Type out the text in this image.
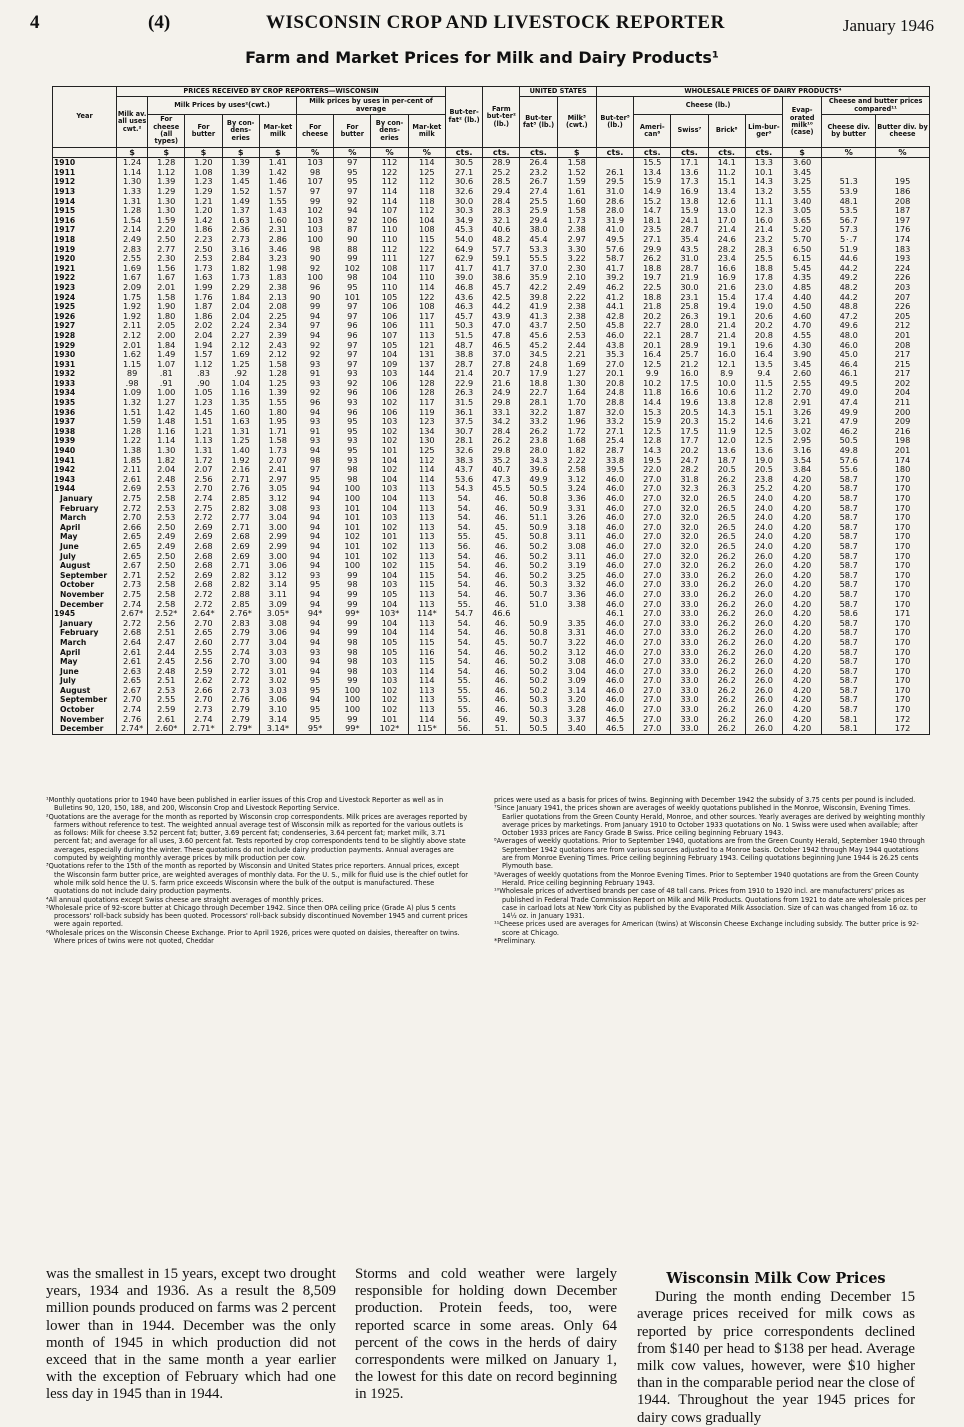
4	(4)	WISCONSIN CROP AND LIVESTOCK REPORTER	January 1946
Farm and Market Prices for Milk and Dairy Products¹
Year	PRICES RECEIVED BY CROP REPORTERS—WISCONSIN									But-ter-fat² (lb.)	Farm but-ter² (lb.)	UNITED STATES		WHOLESALE PRICES OF DAIRY PRODUCTS⁴							
	Milk av. all uses cwt.²	Milk Prices by uses²(cwt.)				Milk prices by uses in per-cent of average						But-ter fat³ (lb.)	Milk³ (cwt.)	But-ter⁵ (lb.)	Cheese (lb.)				Evap-orated milk¹⁰ (case)	Cheese and butter prices compared¹¹	
		For cheese (all types)	For butter	By con-dens-eries	Mar-ket milk	For cheese	For butter	By con-dens-eries	Mar-ket milk						Ameri-can⁶	Swiss⁷	Brick⁸	Lim-bur-ger⁹		Cheese div. by butter	Butter div. by cheese
	$	$	$	$	$	%	%	%	%	cts.	cts.	cts.	$	cts.	cts.	cts.	cts.	cts.	$	%	%
1910	1.24	1.28	1.20	1.39	1.41	103	97	112	114	30.5	28.9	26.4	1.58		15.5	17.1	14.1	13.3	3.60		
1911	1.14	1.12	1.08	1.39	1.42	98	95	122	125	27.1	25.2	23.2	1.52	26.1	13.4	13.6	11.2	10.1	3.45		
1912	1.30	1.39	1.23	1.45	1.46	107	95	112	112	30.6	28.5	26.7	1.59	29.5	15.9	17.3	15.1	14.3	3.25	51.3	195
1913	1.33	1.29	1.29	1.52	1.57	97	97	114	118	32.6	29.4	27.4	1.61	31.0	14.9	16.9	13.4	13.2	3.55	53.9	186
1914	1.31	1.30	1.21	1.49	1.55	99	92	114	118	30.0	28.4	25.5	1.60	28.6	15.2	13.8	12.6	11.1	3.40	48.1	208
1915	1.28	1.30	1.20	1.37	1.43	102	94	107	112	30.3	28.3	25.9	1.58	28.0	14.7	15.9	13.0	12.3	3.05	53.5	187
1916	1.54	1.59	1.42	1.63	1.60	103	92	106	104	34.9	32.1	29.4	1.73	31.9	18.1	24.1	17.0	16.0	3.65	56.7	197
1917	2.14	2.20	1.86	2.36	2.31	103	87	110	108	45.3	40.6	38.0	2.38	41.0	23.5	28.7	21.4	21.4	5.20	57.3	176
1918	2.49	2.50	2.23	2.73	2.86	100	90	110	115	54.0	48.2	45.4	2.97	49.5	27.1	35.4	24.6	23.2	5.70	5٠.7	174
1919	2.83	2.77	2.50	3.16	3.46	98	88	112	122	64.9	57.7	53.3	3.30	57.6	29.9	43.5	28.2	28.3	6.50	51.9	183
1920	2.55	2.30	2.53	2.84	3.23	90	99	111	127	62.9	59.1	55.5	3.22	58.7	26.2	31.0	23.4	25.5	6.15	44.6	193
1921	1.69	1.56	1.73	1.82	1.98	92	102	108	117	41.7	41.7	37.0	2.30	41.7	18.8	28.7	16.6	18.8	5.45	44.2	224
1922	1.67	1.67	1.63	1.73	1.83	100	98	104	110	39.0	38.6	35.9	2.10	39.2	19.7	21.9	16.9	17.8	4.35	49.2	226
1923	2.09	2.01	1.99	2.29	2.38	96	95	110	114	46.8	45.7	42.2	2.49	46.2	22.5	30.0	21.6	23.0	4.85	48.2	203
1924	1.75	1.58	1.76	1.84	2.13	90	101	105	122	43.6	42.5	39.8	2.22	41.2	18.8	23.1	15.4	17.4	4.40	44.2	207
1925	1.92	1.90	1.87	2.04	2.08	99	97	106	108	46.3	44.2	41.9	2.38	44.1	21.8	25.8	19.4	19.0	4.50	48.8	226
1926	1.92	1.80	1.86	2.04	2.25	94	97	106	117	45.7	43.9	41.3	2.38	42.8	20.2	26.3	19.1	20.6	4.60	47.2	205
1927	2.11	2.05	2.02	2.24	2.34	97	96	106	111	50.3	47.0	43.7	2.50	45.8	22.7	28.0	21.4	20.2	4.70	49.6	212
1928	2.12	2.00	2.04	2.27	2.39	94	96	107	113	51.5	47.8	45.6	2.53	46.0	22.1	28.7	21.4	20.8	4.55	48.0	201
1929	2.01	1.84	1.94	2.12	2.43	92	97	105	121	48.7	46.5	45.2	2.44	43.8	20.1	28.9	19.1	19.6	4.30	46.0	208
1930	1.62	1.49	1.57	1.69	2.12	92	97	104	131	38.8	37.0	34.5	2.21	35.3	16.4	25.7	16.0	16.4	3.90	45.0	217
1931	1.15	1.07	1.12	1.25	1.58	93	97	109	137	28.7	27.8	24.8	1.69	27.0	12.5	21.2	12.1	13.5	3.45	46.4	215
1932	89	.81	.83	.92	1.28	91	93	103	144	21.4	20.7	17.9	1.27	20.1	9.9	16.0	8.9	9.4	2.60	46.1	217
1933	.98	.91	.90	1.04	1.25	93	92	106	128	22.9	21.6	18.8	1.30	20.8	10.2	17.5	10.0	11.5	2.55	49.5	202
1934	1.09	1.00	1.05	1.16	1.39	92	96	106	128	26.3	24.9	22.7	1.64	24.8	11.8	16.6	10.6	11.2	2.70	49.0	204
1935	1.32	1.27	1.23	1.35	1.55	96	93	102	117	31.5	29.8	28.1	1.70	28.8	14.4	19.6	13.8	12.8	2.91	47.4	211
1936	1.51	1.42	1.45	1.60	1.80	94	96	106	119	36.1	33.1	32.2	1.87	32.0	15.3	20.5	14.3	15.1	3.26	49.9	200
1937	1.59	1.48	1.51	1.63	1.95	93	95	103	123	37.5	34.2	33.2	1.96	33.2	15.9	20.3	15.2	14.6	3.21	47.9	209
1938	1.28	1.16	1.21	1.31	1.71	91	95	102	134	30.7	28.4	26.2	1.72	27.1	12.5	17.5	11.9	12.5	3.02	46.2	216
1939	1.22	1.14	1.13	1.25	1.58	93	93	102	130	28.1	26.2	23.8	1.68	25.4	12.8	17.7	12.0	12.5	2.95	50.5	198
1940	1.38	1.30	1.31	1.40	1.73	94	95	101	125	32.6	29.8	28.0	1.82	28.7	14.3	20.2	13.6	13.6	3.16	49.8	201
1941	1.85	1.82	1.72	1.92	2.07	98	93	104	112	38.3	35.2	34.3	2.22	33.8	19.5	24.7	18.7	19.0	3.54	57.6	174
1942	2.11	2.04	2.07	2.16	2.41	97	98	102	114	43.7	40.7	39.6	2.58	39.5	22.0	28.2	20.5	20.5	3.84	55.6	180
1943	2.61	2.48	2.56	2.71	2.97	95	98	104	114	53.6	47.3	49.9	3.12	46.0	27.0	31.8	26.2	23.8	4.20	58.7	170
1944	2.69	2.53	2.70	2.76	3.05	94	100	103	113	54.3	45.5	50.5	3.24	46.0	27.0	32.3	26.3	25.2	4.20	58.7	170
January	2.75	2.58	2.74	2.85	3.12	94	100	104	113	54.	46.	50.8	3.36	46.0	27.0	32.0	26.5	24.0	4.20	58.7	170
February	2.72	2.53	2.75	2.82	3.08	93	101	104	113	54.	46.	50.9	3.31	46.0	27.0	32.0	26.5	24.0	4.20	58.7	170
March	2.70	2.53	2.72	2.77	3.04	94	101	103	113	54.	46.	51.1	3.26	46.0	27.0	32.0	26.5	24.0	4.20	58.7	170
April	2.66	2.50	2.69	2.71	3.00	94	101	102	113	54.	45.	50.9	3.18	46.0	27.0	32.0	26.5	24.0	4.20	58.7	170
May	2.65	2.49	2.69	2.68	2.99	94	102	101	113	55.	45.	50.8	3.11	46.0	27.0	32.0	26.5	24.0	4.20	58.7	170
June	2.65	2.49	2.68	2.69	2.99	94	101	102	113	56.	46.	50.2	3.08	46.0	27.0	32.0	26.5	24.0	4.20	58.7	170
July	2.65	2.50	2.68	2.69	3.00	94	101	102	113	54.	46.	50.2	3.11	46.0	27.0	32.0	26.2	26.0	4.20	58.7	170
August	2.67	2.50	2.68	2.71	3.06	94	100	102	115	54.	46.	50.2	3.19	46.0	27.0	32.0	26.2	26.0	4.20	58.7	170
September	2.71	2.52	2.69	2.82	3.12	93	99	104	115	54.	46.	50.2	3.25	46.0	27.0	33.0	26.2	26.0	4.20	58.7	170
October	2.73	2.58	2.68	2.82	3.14	95	98	103	115	54.	46.	50.3	3.32	46.0	27.0	33.0	26.2	26.0	4.20	58.7	170
November	2.75	2.58	2.72	2.88	3.11	94	99	105	113	54.	46.	50.7	3.36	46.0	27.0	33.0	26.2	26.0	4.20	58.7	170
December	2.74	2.58	2.72	2.85	3.09	94	99	104	113	55.	46.	51.0	3.38	46.0	27.0	33.0	26.2	26.0	4.20	58.7	170
1945	2.67*	2.52*	2.64*	2.76*	3.05*	94*	99*	103*	114*	54.7	46.6			46.1	27.0	33.0	26.2	26.0	4.20	58.6	171
January	2.72	2.56	2.70	2.83	3.08	94	99	104	113	54.	46.	50.9	3.35	46.0	27.0	33.0	26.2	26.0	4.20	58.7	170
February	2.68	2.51	2.65	2.79	3.06	94	99	104	114	54.	46.	50.8	3.31	46.0	27.0	33.0	26.2	26.0	4.20	58.7	170
March	2.64	2.47	2.60	2.77	3.04	94	98	105	115	54.	45.	50.7	3.22	46.0	27.0	33.0	26.2	26.0	4.20	58.7	170
April	2.61	2.44	2.55	2.74	3.03	93	98	105	116	54.	46.	50.2	3.12	46.0	27.0	33.0	26.2	26.0	4.20	58.7	170
May	2.61	2.45	2.56	2.70	3.00	94	98	103	115	54.	46.	50.2	3.08	46.0	27.0	33.0	26.2	26.0	4.20	58.7	170
June	2.63	2.48	2.59	2.72	3.01	94	98	103	114	54.	46.	50.2	3.04	46.0	27.0	33.0	26.2	26.0	4.20	58.7	170
July	2.65	2.51	2.62	2.72	3.02	95	99	103	114	55.	46.	50.2	3.09	46.0	27.0	33.0	26.2	26.0	4.20	58.7	170
August	2.67	2.53	2.66	2.73	3.03	95	100	102	113	55.	46.	50.2	3.14	46.0	27.0	33.0	26.2	26.0	4.20	58.7	170
September	2.70	2.55	2.70	2.76	3.06	94	100	102	113	55.	46.	50.3	3.20	46.0	27.0	33.0	26.2	26.0	4.20	58.7	170
October	2.74	2.59	2.73	2.79	3.10	95	100	102	113	55.	46.	50.3	3.28	46.0	27.0	33.0	26.2	26.0	4.20	58.7	170
November	2.76	2.61	2.74	2.79	3.14	95	99	101	114	56.	49.	50.3	3.37	46.5	27.0	33.0	26.2	26.0	4.20	58.1	172
December	2.74*	2.60*	2.71*	2.79*	3.14*	95*	99*	102*	115*	56.	51.	50.5	3.40	46.5	27.0	33.0	26.2	26.0	4.20	58.1	172

¹Monthly quotations prior to 1940 have been published in earlier issues of this Crop and Livestock Reporter as well as in Bulletins 90, 120, 150, 188, and 200, Wisconsin Crop and Livestock Reporting Service.

²Quotations are the average for the month as reported by Wisconsin crop correspondents. Milk prices are averages reported by farmers without reference to test. The weighted annual average test of Wisconsin milk as reported for the various outlets is as follows: Milk for cheese 3.52 percent fat; butter, 3.69 percent fat; condenseries, 3.64 percent fat; market milk, 3.71 percent fat; and average for all uses, 3.60 percent fat. Tests reported by crop correspondents tend to be slightly above state averages, especially during the winter. These quotations do not include dairy production payments. Annual averages are computed by weighting monthly average prices by milk production per cow.

³Quotations refer to the 15th of the month as reported by Wisconsin and United States price reporters. Annual prices, except the Wisconsin farm butter price, are weighted averages of monthly data. For the U. S., milk for fluid use is the chief outlet for whole milk sold hence the U. S. farm price exceeds Wisconsin where the bulk of the output is manufactured. These quotations do not include dairy production payments.

⁴All annual quotations except Swiss cheese are straight averages of monthly prices.

⁵Wholesale price of 92-score butter at Chicago through December 1942. Since then OPA ceiling price (Grade A) plus 5 cents processors' roll-back subsidy has been quoted. Processors' roll-back subsidy discontinued November 1945 and current prices were again reported.

⁶Wholesale prices on the Wisconsin Cheese Exchange. Prior to April 1926, prices were quoted on daisies, thereafter on twins. Where prices of twins were not quoted, Cheddar

prices were used as a basis for prices of twins. Beginning with December 1942 the subsidy of 3.75 cents per pound is included.

⁷Since January 1941, the prices shown are averages of weekly quotations published in the Monroe, Wisconsin, Evening Times. Earlier quotations from the Green County Herald, Monroe, and other sources. Yearly averages are derived by weighting monthly average prices by marketings. From January 1910 to October 1933 quotations on No. 1 Swiss were used when available; after October 1933 prices are Fancy Grade B Swiss. Price ceiling beginning February 1943.

⁸Averages of weekly quotations. Prior to September 1940, quotations are from the Green County Herald, September 1940 through September 1942 quotations are from various sources adjusted to a Monroe basis. October 1942 through May 1944 quotations are from Monroe Evening Times. Price ceiling beginning February 1943. Ceiling quotations beginning June 1944 is 26.25 cents Plymouth base.

⁹Averages of weekly quotations from the Monroe Evening Times. Prior to September 1940 quotations are from the Green County Herald. Price ceiling beginning February 1943.

¹⁰Wholesale prices of advertised brands per case of 48 tall cans. Prices from 1910 to 1920 incl. are manufacturers' prices as published in Federal Trade Commission Report on Milk and Milk Products. Quotations from 1921 to date are wholesale prices per case in carload lots at New York City as published by the Evaporated Milk Association. Size of can was changed from 16 oz. to 14½ oz. in January 1931.

¹¹Cheese prices used are averages for American (twins) at Wisconsin Cheese Exchange including subsidy. The butter price is 92-score at Chicago.

*Preliminary.

was the smallest in 15 years, except two drought years, 1934 and 1936. As a result the 8,509 million pounds produced on farms was 2 percent lower than in 1944. December was the only month of 1945 in which production did not exceed that in the same month a year earlier with the exception of February which had one less day in 1945 than in 1944.

Storms and cold weather were largely responsible for holding down December production. Protein feeds, too, were reported scarce in some areas. Only 64 percent of the cows in the herds of dairy correspondents were milked on January 1, the lowest for this date on record beginning in 1925.

Wisconsin Milk Cow Prices

During the month ending December 15 average prices received for milk cows as reported by price correspondents declined from $140 per head to $138 per head. Average milk cow values, however, were $10 higher than in the comparable period near the close of 1944. Throughout the year 1945 prices for dairy cows gradually
